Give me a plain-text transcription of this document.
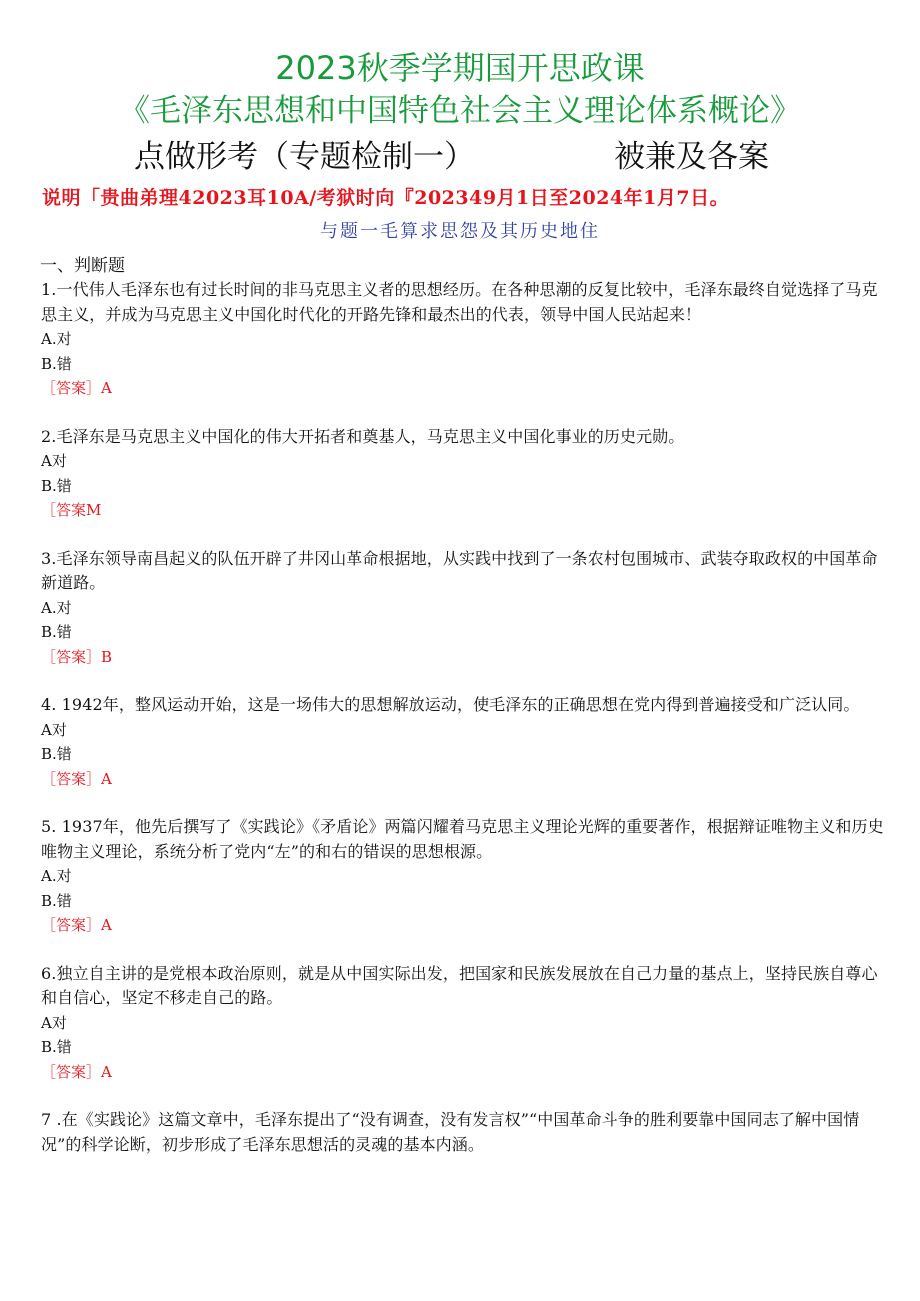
2023秋季学期国开思政课
《毛泽东思想和中国特色社会主义理论体系概论》
点做形考（专题检制一）	被兼及各案
说明「贵曲弟理42023耳10A/考狱时向『202349月1日至2024年1月7日。
与题一毛算求思怨及其历史地住
一、判断题

1.一代伟人毛泽东也有过长时间的非马克思主义者的思想经历。在各种思潮的反复比较中，毛泽东最终自觉选择了马克思主义，并成为马克思主义中国化时代化的开路先锋和最杰出的代表，领导中国人民站起来！

A.对

B.错

［答案］A

2.毛泽东是马克思主义中国化的伟大开拓者和奠基人，马克思主义中国化事业的历史元勋。

A对

B.错

［答案M

3.毛泽东领导南昌起义的队伍开辟了井冈山革命根据地，从实践中找到了一条农村包围城市、武装夺取政权的中国革命新道路。

A.对

B.错

［答案］B

4. 1942年，整风运动开始，这是一场伟大的思想解放运动，使毛泽东的正确思想在党内得到普遍接受和广泛认同。

A对

B.错

［答案］A

5. 1937年，他先后撰写了《实践论》《矛盾论》两篇闪耀着马克思主义理论光辉的重要著作，根据辩证唯物主义和历史唯物主义理论，系统分析了党内“左”的和右的错误的思想根源。

A.对

B.错

［答案］A

6.独立自主讲的是党根本政治原则，就是从中国实际出发，把国家和民族发展放在自己力量的基点上，坚持民族自尊心和自信心，坚定不移走自己的路。

A对

B.错

［答案］A

7 .在《实践论》这篇文章中，毛泽东提出了“没有调查，没有发言权”“中国革命斗争的胜利要靠中国同志了解中国情况”的科学论断，初步形成了毛泽东思想活的灵魂的基本内涵。
